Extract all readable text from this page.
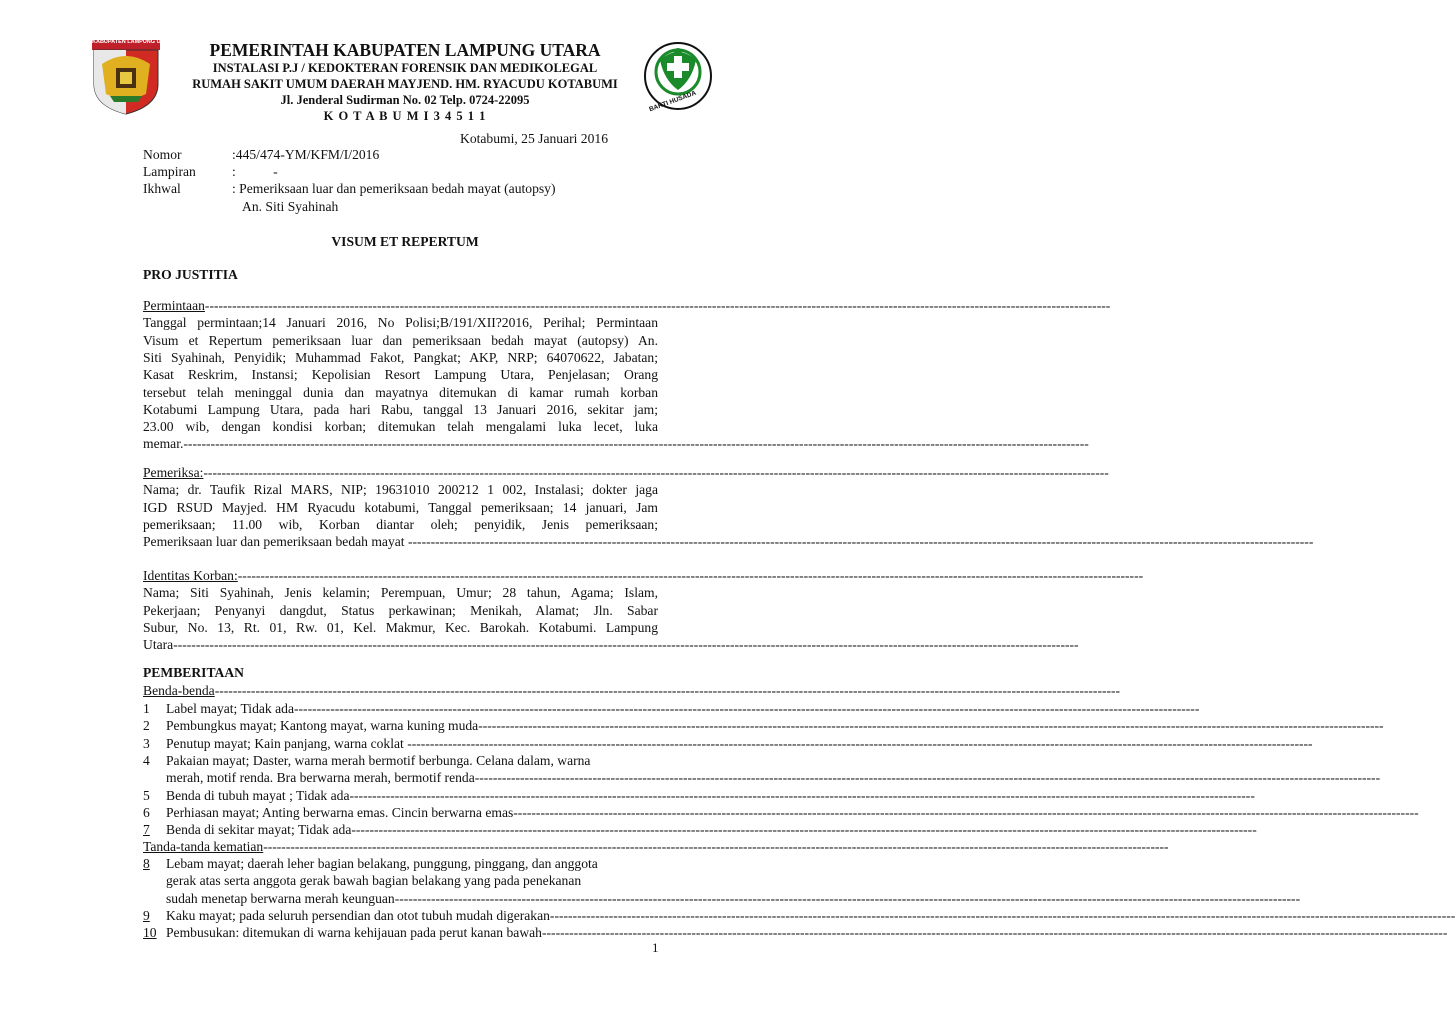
KABUPATEN LAMPUNG UTARA	PEMERINTAH KABUPATEN LAMPUNG UTARA
INSTALASI P.J / KEDOKTERAN FORENSIK DAN MEDIKOLEGAL
RUMAH SAKIT UMUM DAERAH MAYJEND. HM. RYACUDU KOTABUMI
Jl. Jenderal Sudirman No. 02 Telp. 0724-22095
K O T A B U M I 3 4 5 1 1
BAKTI HUSADA
Kotabumi, 25 Januari 2016
Nomor	:445/474-YM/KFM/I/2016
Lampiran	:           -
Ikhwal	: Pemeriksaan luar dan pemeriksaan bedah mayat (autopsy)
An. Siti Syahinah
VISUM ET REPERTUM
PRO JUSTITIA
Permintaan--------------------------------------------------------------------------------------------------------------------------------------------------------------------------------------------------------
Tanggal permintaan;14 Januari 2016, No Polisi;B/191/XII?2016, Perihal; Permintaan
Visum et Repertum pemeriksaan luar dan pemeriksaan bedah mayat (autopsy) An.
Siti Syahinah, Penyidik; Muhammad Fakot, Pangkat; AKP, NRP; 64070622, Jabatan;
Kasat Reskrim, Instansi; Kepolisian Resort Lampung Utara, Penjelasan; Orang
tersebut telah meninggal dunia dan mayatnya ditemukan di kamar rumah korban
Kotabumi Lampung Utara, pada hari Rabu, tanggal 13 Januari 2016, sekitar jam;
23.00 wib, dengan kondisi korban; ditemukan telah mengalami luka lecet, luka
memar.--------------------------------------------------------------------------------------------------------------------------------------------------------------------------------------------------------
Pemeriksa:--------------------------------------------------------------------------------------------------------------------------------------------------------------------------------------------------------
Nama; dr. Taufik Rizal MARS, NIP; 19631010 200212 1 002, Instalasi; dokter jaga
IGD RSUD Mayjed. HM Ryacudu kotabumi, Tanggal pemeriksaan; 14 januari, Jam
pemeriksaan; 11.00 wib, Korban diantar oleh; penyidik, Jenis pemeriksaan;
Pemeriksaan luar dan pemeriksaan bedah mayat --------------------------------------------------------------------------------------------------------------------------------------------------------------------------------------------------------
Identitas Korban:--------------------------------------------------------------------------------------------------------------------------------------------------------------------------------------------------------
Nama; Siti Syahinah, Jenis kelamin; Perempuan, Umur; 28 tahun, Agama; Islam,
Pekerjaan; Penyanyi dangdut, Status perkawinan; Menikah, Alamat; Jln. Sabar
Subur, No. 13, Rt. 01, Rw. 01, Kel. Makmur, Kec. Barokah. Kotabumi. Lampung
Utara--------------------------------------------------------------------------------------------------------------------------------------------------------------------------------------------------------
PEMBERITAAN
Benda-benda--------------------------------------------------------------------------------------------------------------------------------------------------------------------------------------------------------
1	Label mayat; Tidak ada--------------------------------------------------------------------------------------------------------------------------------------------------------------------------------------------------------
2	Pembungkus mayat; Kantong mayat, warna kuning muda--------------------------------------------------------------------------------------------------------------------------------------------------------------------------------------------------------
3	Penutup mayat; Kain panjang, warna coklat --------------------------------------------------------------------------------------------------------------------------------------------------------------------------------------------------------
4	Pakaian mayat; Daster, warna merah bermotif berbunga. Celana dalam, warna
merah, motif renda. Bra berwarna merah, bermotif renda--------------------------------------------------------------------------------------------------------------------------------------------------------------------------------------------------------
5	Benda di tubuh mayat ; Tidak ada--------------------------------------------------------------------------------------------------------------------------------------------------------------------------------------------------------
6	Perhiasan mayat; Anting berwarna emas. Cincin berwarna emas--------------------------------------------------------------------------------------------------------------------------------------------------------------------------------------------------------
7	Benda di sekitar mayat; Tidak ada--------------------------------------------------------------------------------------------------------------------------------------------------------------------------------------------------------
Tanda-tanda kematian--------------------------------------------------------------------------------------------------------------------------------------------------------------------------------------------------------
8	Lebam mayat; daerah leher bagian belakang, punggung, pinggang, dan anggota
gerak atas serta anggota gerak bawah bagian belakang yang pada penekanan
sudah menetap berwarna merah keunguan--------------------------------------------------------------------------------------------------------------------------------------------------------------------------------------------------------
9	Kaku mayat; pada seluruh persendian dan otot tubuh mudah digerakan--------------------------------------------------------------------------------------------------------------------------------------------------------------------------------------------------------
10 Pembusukan: ditemukan di warna kehijauan pada perut kanan bawah--------------------------------------------------------------------------------------------------------------------------------------------------------------------------------------------------------
1
